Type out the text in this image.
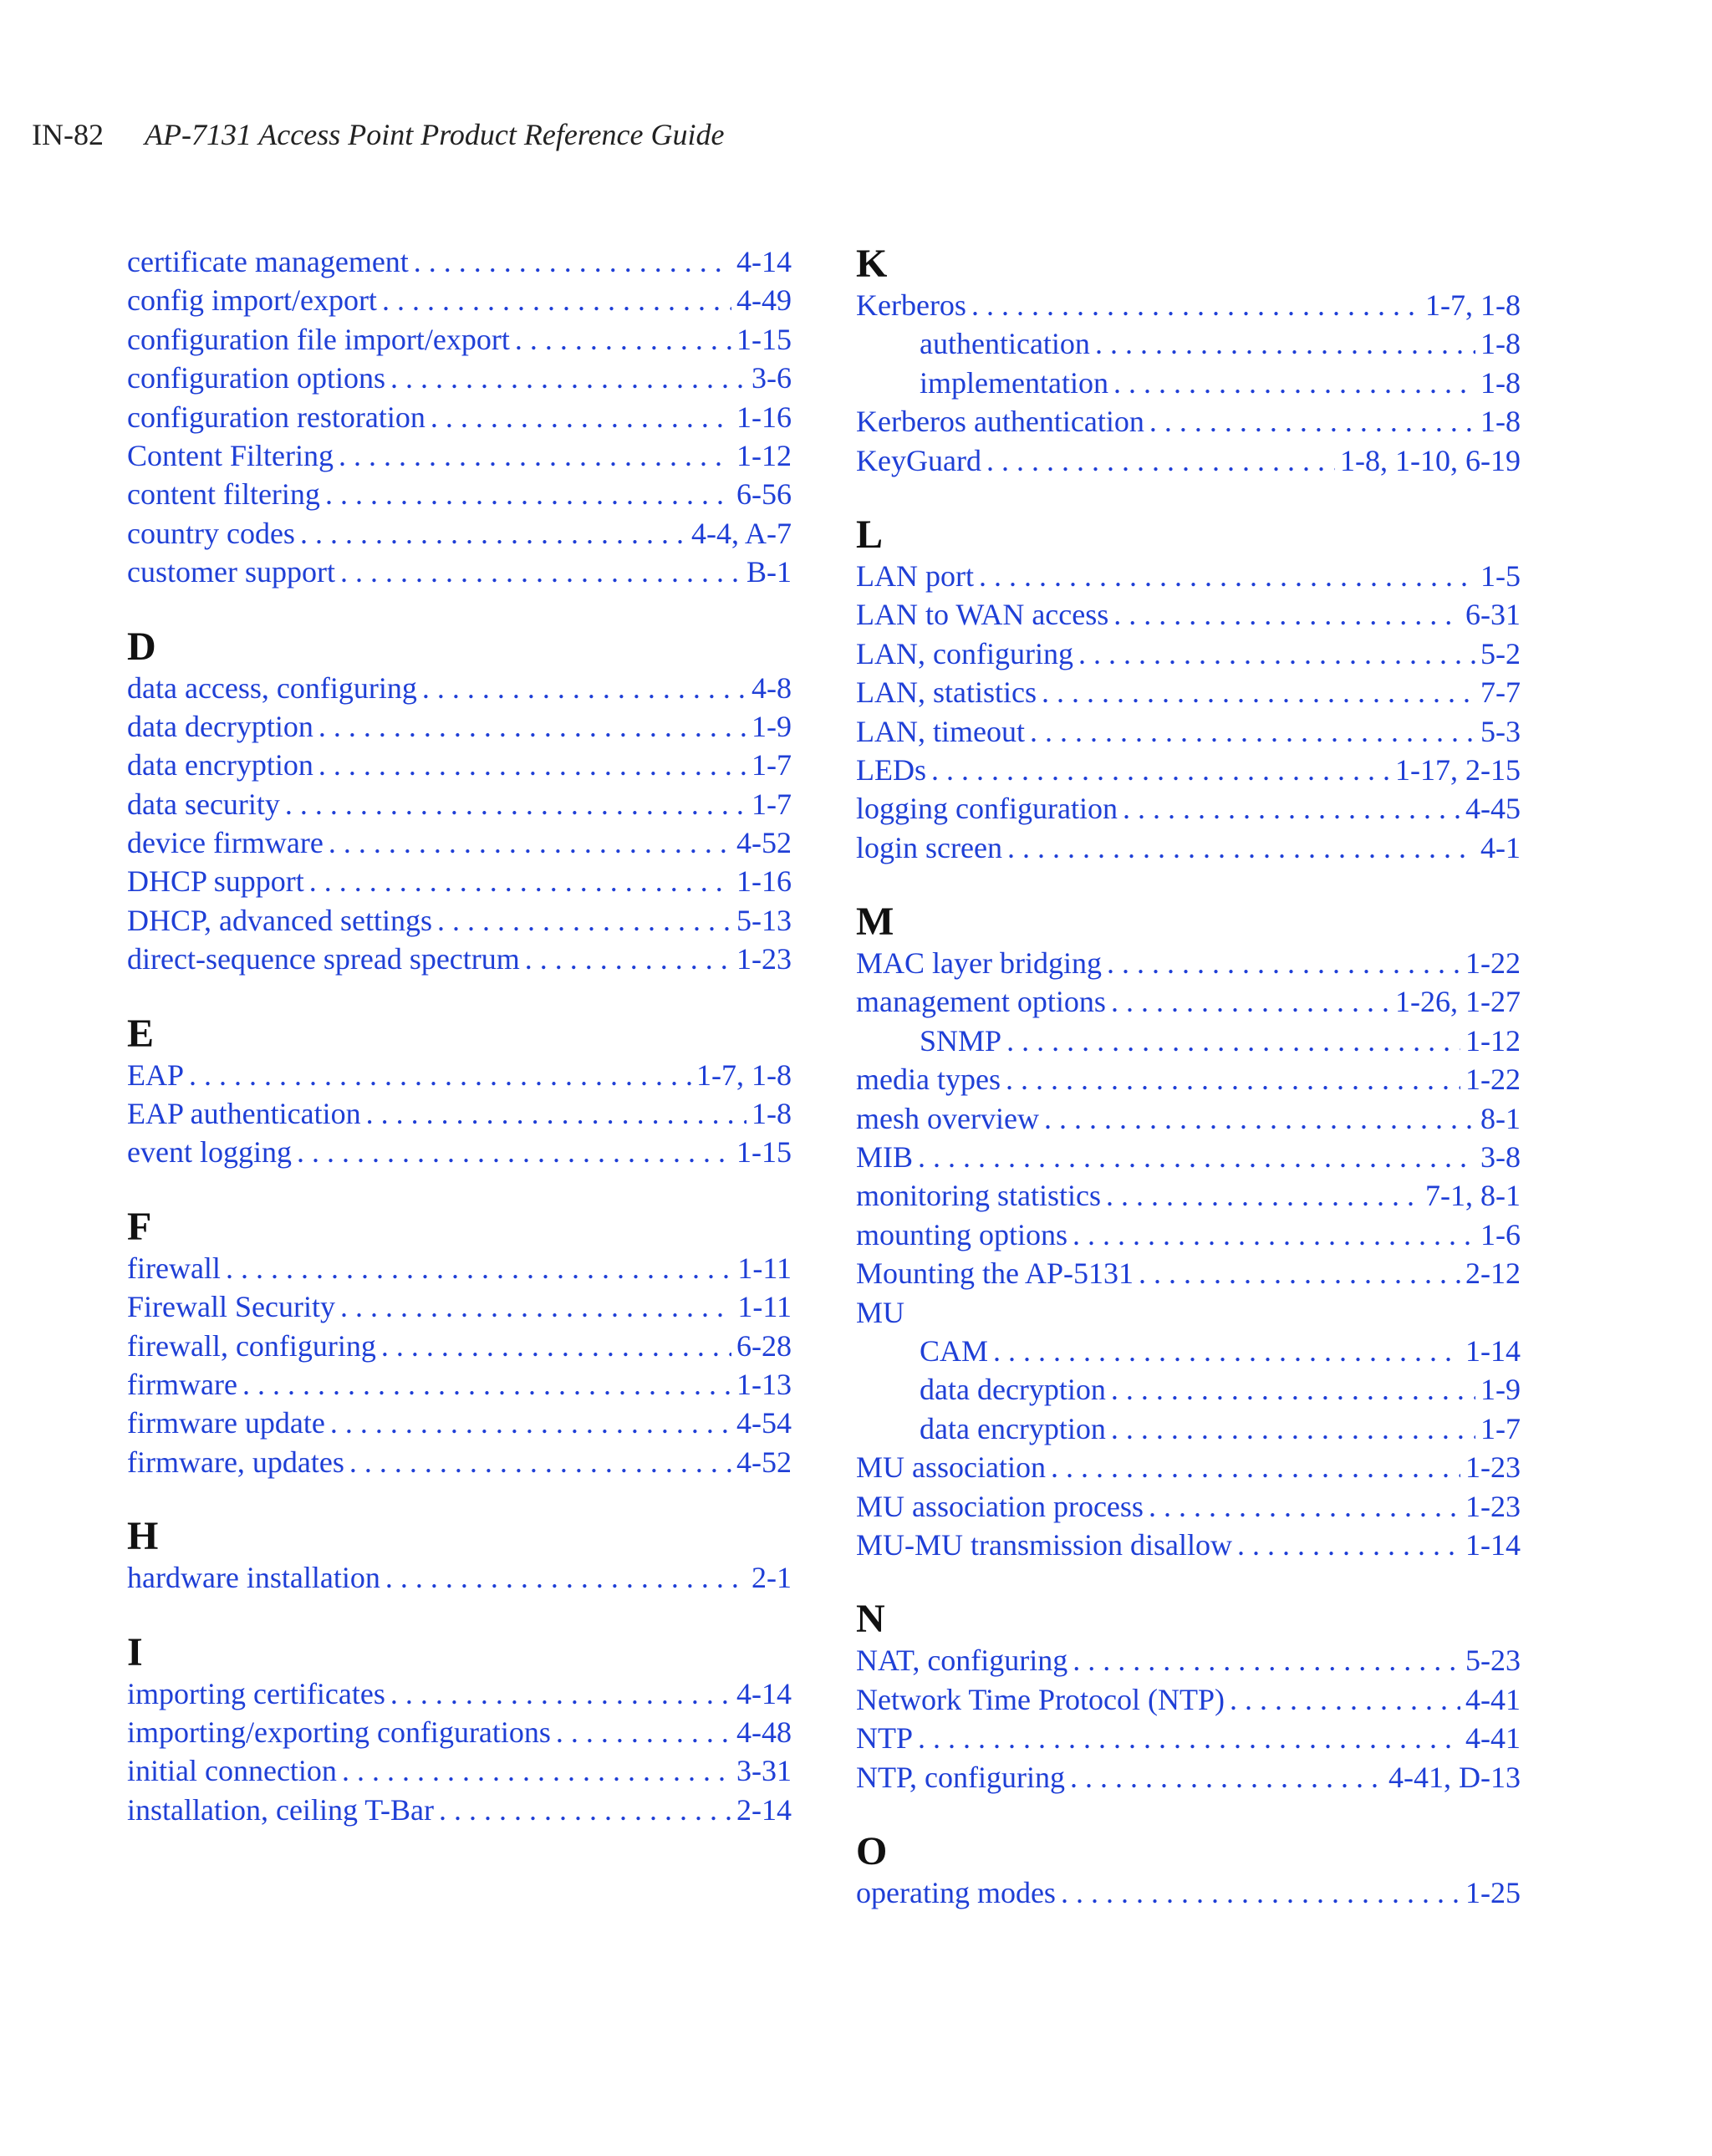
IN-82 AP-7131 Access Point Product Reference Guide
certificate management . . .	4-14
config import/export . . .	4-49
configuration file import/export . . .	1-15
configuration options . . .	3-6
configuration restoration . . .	1-16
Content Filtering . . .	1-12
content filtering . . .	6-56
country codes . . .	4-4, A-7
customer support . . .	B-1
D
data access, configuring . . .	4-8
data decryption . . .	1-9
data encryption . . .	1-7
data security . . .	1-7
device firmware . . .	4-52
DHCP support . . .	1-16
DHCP, advanced settings . . .	5-13
direct-sequence spread spectrum . . .	1-23
E
EAP . . .	1-7, 1-8
EAP authentication . . .	1-8
event logging . . .	1-15
F
firewall . . .	1-11
Firewall Security . . .	1-11
firewall, configuring . . .	6-28
firmware . . .	1-13
firmware update . . .	4-54
firmware, updates . . .	4-52
H
hardware installation . . .	2-1
I
importing certificates . . .	4-14
importing/exporting configurations . . .	4-48
initial connection . . .	3-31
installation, ceiling T-Bar . . .	2-14
K
Kerberos . . .	1-7, 1-8
authentication . . .	1-8
implementation . . .	1-8
Kerberos authentication . . .	1-8
KeyGuard . . .	1-8, 1-10, 6-19
L
LAN port . . .	1-5
LAN to WAN access . . .	6-31
LAN, configuring . . .	5-2
LAN, statistics . . .	7-7
LAN, timeout . . .	5-3
LEDs . . .	1-17, 2-15
logging configuration . . .	4-45
login screen . . .	4-1
M
MAC layer bridging . . .	1-22
management options . . .	1-26, 1-27
SNMP . . .	1-12
media types . . .	1-22
mesh overview . . .	8-1
MIB . . .	3-8
monitoring statistics . . .	7-1, 8-1
mounting options . . .	1-6
Mounting the AP-5131 . . .	2-12
MU
CAM . . .	1-14
data decryption . . .	1-9
data encryption . . .	1-7
MU association . . .	1-23
MU association process . . .	1-23
MU-MU transmission disallow . . .	1-14
N
NAT, configuring . . .	5-23
Network Time Protocol (NTP) . . .	4-41
NTP . . .	4-41
NTP, configuring . . .	4-41, D-13
O
operating modes . . .	1-25
